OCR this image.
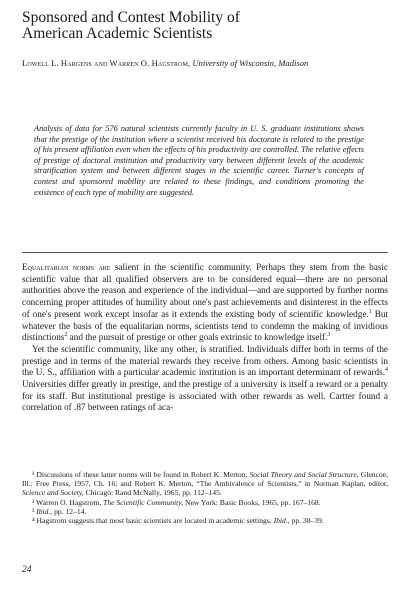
Sponsored and Contest Mobility of
American Academic Scientists
Lowell L. Hargens and Warren O. Hagstrom, University of Wisconsin, Madison
Analysis of data for 576 natural scientists currently faculty in U. S. graduate institutions shows that the prestige of the institution where a scientist received his doctorate is related to the prestige of his present affiliation even when the effects of his productivity are controlled. The relative effects of prestige of doctoral institution and productivity vary between different levels of the academic stratification system and between different stages in the scientific career. Turner's concepts of contest and sponsored mobility are related to these findings, and conditions promoting the existence of each type of mobility are suggested.

Equalitarian norms are salient in the scientific community. Perhaps they stem from the basic scientific value that all qualified observers are to be considered equal—there are no personal authorities above the reason and experience of the individual—and are supported by further norms concerning proper attitudes of humility about one's past achievements and disinterest in the effects of one's present work except insofar as it extends the existing body of scientific knowledge.$^1$ But whatever the basis of the equalitarian norms, scientists tend to condemn the making of invidious distinctions$^2$ and the pursuit of prestige or other goals extrinsic to knowledge itself.$^3$

Yet the scientific community, like any other, is stratified. Individuals differ both in terms of the prestige and in terms of the material rewards they receive from others. Among basic scientists in the U. S., affiliation with a particular academic institution is an important determinant of rewards.$^4$ Universities differ greatly in prestige, and the prestige of a university is itself a reward or a penalty for its staff. But institutional prestige is associated with other rewards as well. Cartter found a correlation of .87 between ratings of aca-

¹ Discussions of these latter norms will be found in Robert K. Merton, Social Theory and Social Structure, Glencoe, Ill.: Free Press, 1957, Ch. 16; and Robert K. Merton, “The Ambivalence of Scientists,” in Norman Kaplan, editor, Science and Society, Chicago: Rand McNally, 1965, pp. 112–145.

² Warren O. Hagstrom, The Scientific Community, New York: Basic Books, 1965, pp. 167–168.

³ Ibid., pp. 12–14.

⁴ Hagstrom suggests that most basic scientists are located in academic settings. Ibid., pp. 38–39.

24
